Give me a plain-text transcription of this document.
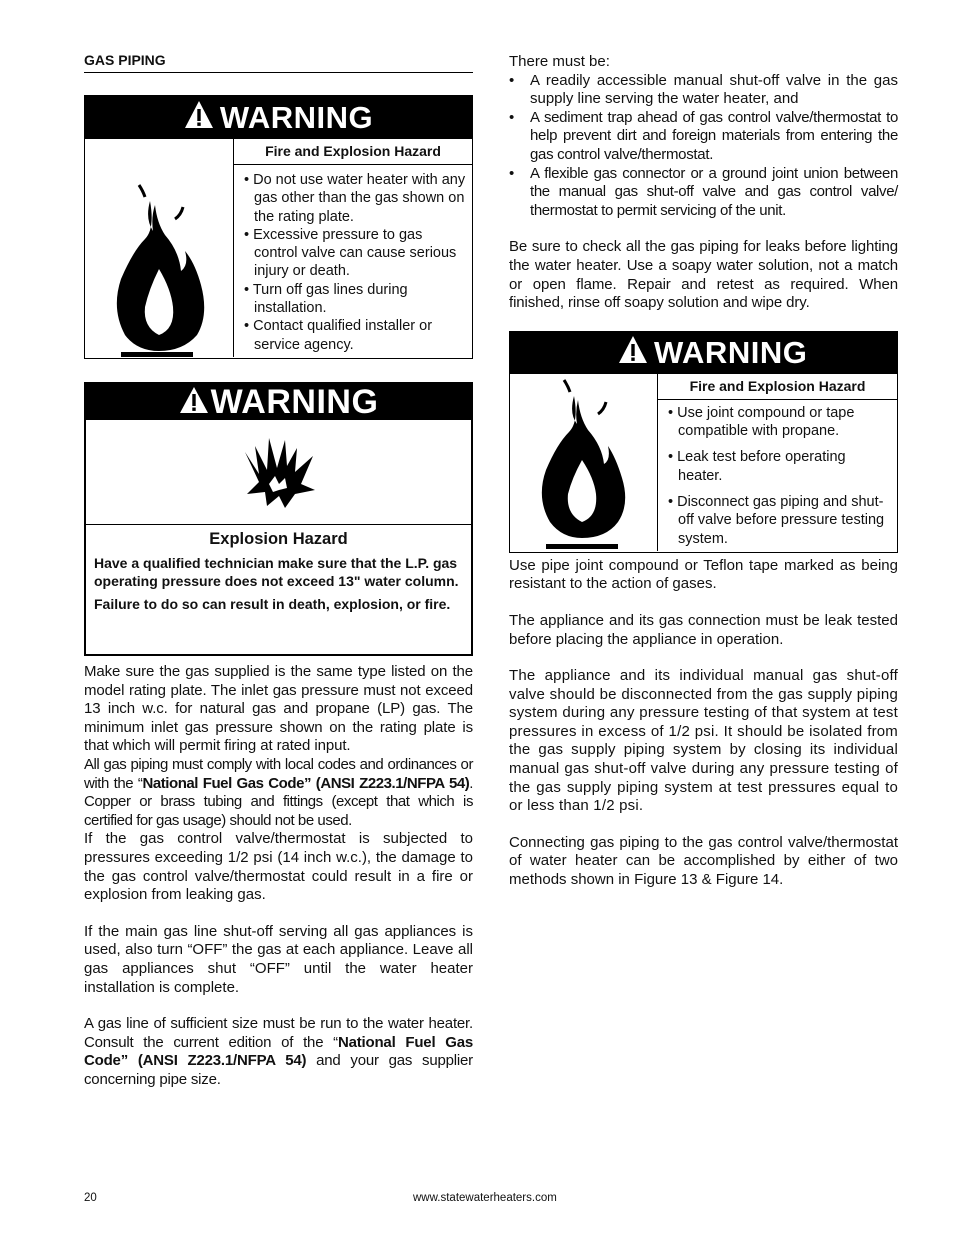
GAS PIPING
WARNING
Fire and Explosion Hazard
• Do not use water heater with any gas other than the gas shown on the rating plate.
• Excessive pressure to gas control valve can cause serious injury or death.
• Turn off gas lines during installation.
• Contact qualified installer or service agency.
WARNING
Explosion Hazard
Have a qualified technician make sure that the L.P. gas operating pressure does not exceed 13" water column.
Failure to do so can result in death, explosion, or fire.

Make sure the gas supplied is the same type listed on the model rating plate. The inlet gas pressure must not exceed 13 inch w.c. for natural gas and propane (LP) gas. The minimum inlet gas pressure shown on the rating plate is that which will permit firing at rated input.

All gas piping must comply with local codes and ordinances or with the “National Fuel Gas Code” (ANSI Z223.1/NFPA 54). Copper or brass tubing and fittings (except that which is certified for gas usage) should not be used.

If the gas control valve/thermostat is subjected to pressures exceeding 1/2 psi (14 inch w.c.), the damage to the gas control valve/thermostat could result in a fire or explosion from leaking gas.

If the main gas line shut-off serving all gas appliances is used, also turn “OFF” the gas at each appliance. Leave all gas appliances shut “OFF” until the water heater installation is complete.

A gas line of sufficient size must be run to the water heater. Consult the current edition of the “National Fuel Gas Code” (ANSI Z223.1/NFPA 54) and your gas supplier concerning pipe size.

There must be:

• A readily accessible manual shut-off valve in the gas supply line serving the water heater, and
• A sediment trap ahead of gas control valve/thermostat to help prevent dirt and foreign materials from entering the gas control valve/thermostat.
• A flexible gas connector or a ground joint union between the manual gas shut-off valve and gas control valve/ thermostat to permit servicing of the unit.

Be sure to check all the gas piping for leaks before lighting the water heater. Use a soapy water solution, not a match or open flame. Repair and retest as required. When finished, rinse off soapy solution and wipe dry.

WARNING
Fire and Explosion Hazard
• Use joint compound or tape compatible with propane.
• Leak test before operating heater.
• Disconnect gas piping and shut-off valve before pressure testing system.

Use pipe joint compound or Teflon tape marked as being resistant to the action of gases.

The appliance and its gas connection must be leak tested before placing the appliance in operation.

The appliance and its individual manual gas shut-off valve should be disconnected from the gas supply piping system during any pressure testing of that system at test pressures in excess of 1/2 psi. It should be isolated from the gas supply piping system by closing its individual manual gas shut-off valve during any pressure testing of the gas supply piping system at test pressures equal to or less than 1/2 psi.

Connecting gas piping to the gas control valve/thermostat of water heater can be accomplished by either of two methods shown in Figure 13 & Figure 14.

20	www.statewaterheaters.com
